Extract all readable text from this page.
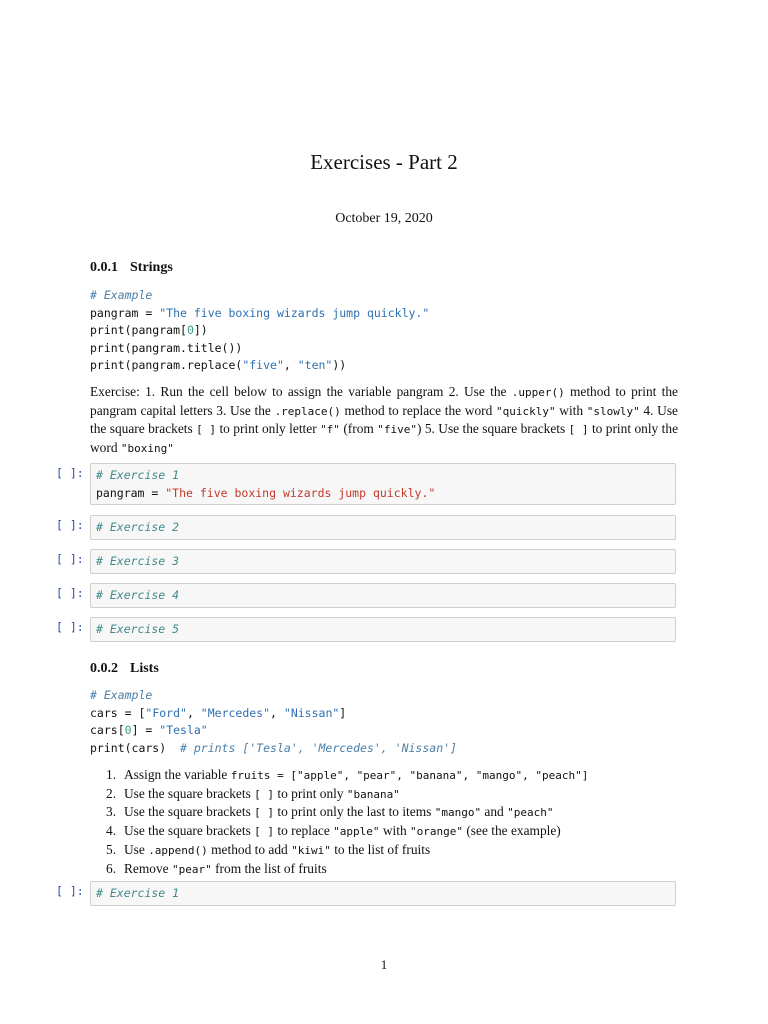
Exercises - Part 2
October 19, 2020
0.0.1 Strings
# Example
pangram = "The five boxing wizards jump quickly."
print(pangram[0])
print(pangram.title())
print(pangram.replace("five", "ten"))
Exercise: 1. Run the cell below to assign the variable pangram 2. Use the .upper() method to print the pangram capital letters 3. Use the .replace() method to replace the word "quickly" with "slowly" 4. Use the square brackets [ ] to print only letter "f" (from "five") 5. Use the square brackets [ ] to print only the word "boxing"
[ ]:	# Exercise 1
pangram = "The five boxing wizards jump quickly."
[ ]:	# Exercise 2
[ ]:	# Exercise 3
[ ]:	# Exercise 4
[ ]:	# Exercise 5
0.0.2 Lists
# Example
cars = ["Ford", "Mercedes", "Nissan"]
cars[0] = "Tesla"
print(cars)  # prints ['Tesla', 'Mercedes', 'Nissan']
1. Assign the variable fruits = ["apple", "pear", "banana", "mango", "peach"]
2. Use the square brackets [ ] to print only "banana"
3. Use the square brackets [ ] to print only the last to items "mango" and "peach"
4. Use the square brackets [ ] to replace "apple" with "orange" (see the example)
5. Use .append() method to add "kiwi" to the list of fruits
6. Remove "pear" from the list of fruits
[ ]:	# Exercise 1
1
